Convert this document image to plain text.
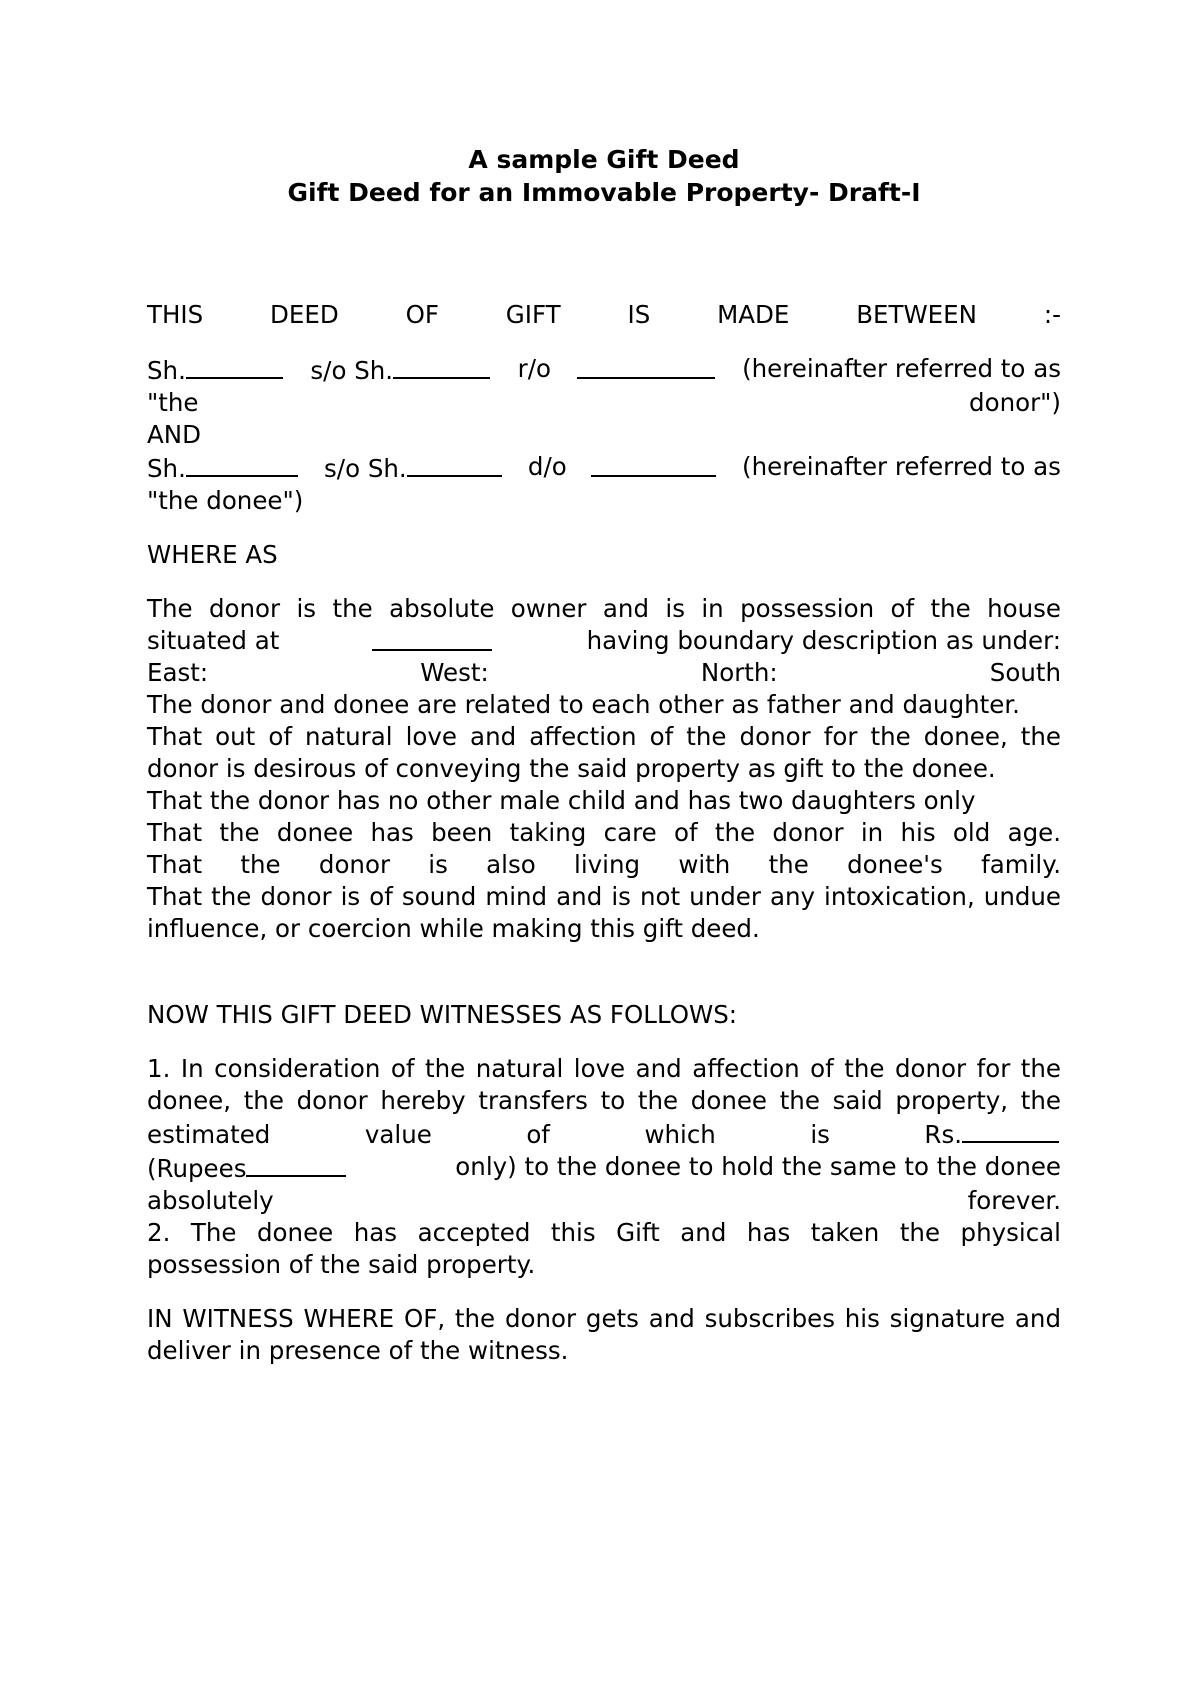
A sample Gift Deed

Gift Deed for an Immovable Property- Draft-I

THIS	DEED	OF	GIFT	IS	MADE	BETWEEN	:-

Sh.	s/o Sh.	r/o	(hereinafter referred to as

"the	donor")

AND

Sh.	s/o Sh.	d/o	(hereinafter referred to as

"the donee")

WHERE AS

The donor is the absolute owner and is in possession of the house

situated at	having boundary description as under:

East:	West:	North:	South

The donor and donee are related to each other as father and daughter.

That out of natural love and affection of the donor for the donee, the donor is desirous of conveying the said property as gift to the donee.

That the donor has no other male child and has two daughters only

That the donee has been taking care of the donor in his old age.

That the donor is also living with the donee's family.

That the donor is of sound mind and is not under any intoxication, undue influence, or coercion while making this gift deed.

NOW THIS GIFT DEED WITNESSES AS FOLLOWS:

1. In consideration of the natural love and affection of the donor for the donee, the donor hereby transfers to the donee the said property, the estimated value of which is Rs.

(Rupees	only) to the donee to hold the same to the donee

absolutely	forever.

2. The donee has accepted this Gift and has taken the physical possession of the said property.

IN WITNESS WHERE OF, the donor gets and subscribes his signature and deliver in presence of the witness.
